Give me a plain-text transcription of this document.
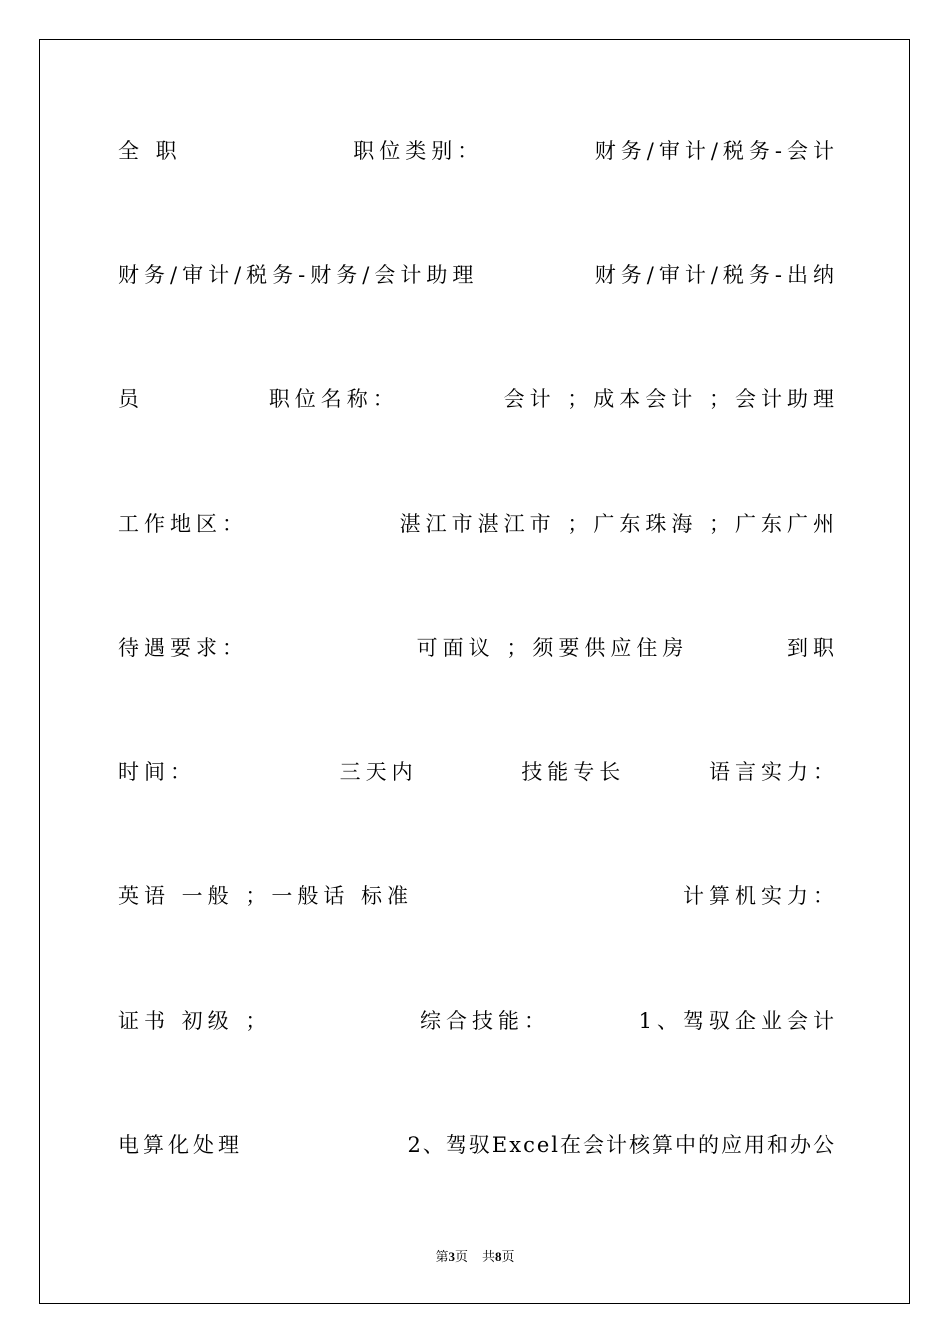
全 职	职位类别：	财务/审计/税务-会计
财务/审计/税务-财务/会计助理	财务/审计/税务-出纳
员	职位名称：	会计 ；成本会计 ；会计助理
工作地区：	湛江市湛江市 ；广东珠海 ；广东广州
待遇要求：	可面议 ；须要供应住房	到职
时间：	三天内	技能专长	语言实力：
英语 一般 ；一般话 标准	计算机实力：
证书 初级 ；	综合技能：	1、驾驭企业会计
电算化处理	2、驾驭Excel在会计核算中的应用和办公
第3页 共8页
